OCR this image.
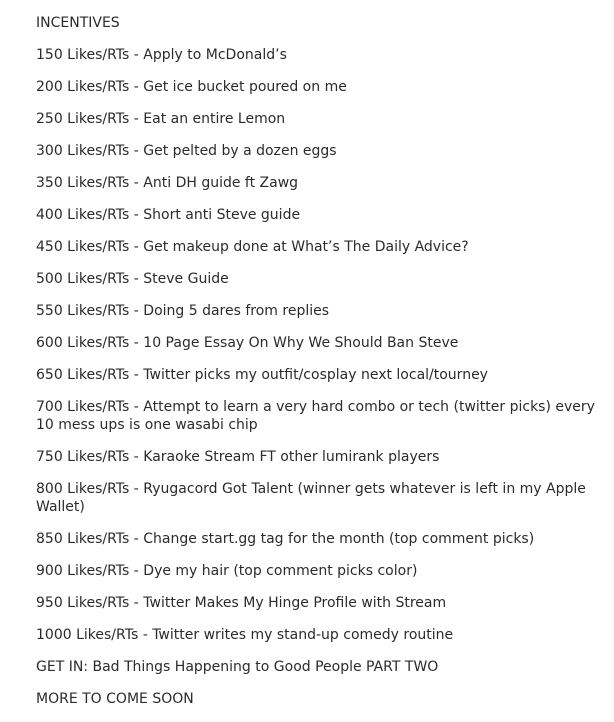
INCENTIVES

150 Likes/RTs - Apply to McDonald’s

200 Likes/RTs - Get ice bucket poured on me

250 Likes/RTs - Eat an entire Lemon

300 Likes/RTs - Get pelted by a dozen eggs

350 Likes/RTs - Anti DH guide ft Zawg

400 Likes/RTs - Short anti Steve guide

450 Likes/RTs - Get makeup done at What’s The Daily Advice?

500 Likes/RTs - Steve Guide

550 Likes/RTs - Doing 5 dares from replies

600 Likes/RTs - 10 Page Essay On Why We Should Ban Steve

650 Likes/RTs - Twitter picks my outfit/cosplay next local/tourney

700 Likes/RTs - Attempt to learn a very hard combo or tech (twitter picks) every 10 mess ups is one wasabi chip

750 Likes/RTs - Karaoke Stream FT other lumirank players

800 Likes/RTs - Ryugacord Got Talent (winner gets whatever is left in my Apple Wallet)

850 Likes/RTs - Change start.gg tag for the month (top comment picks)

900 Likes/RTs - Dye my hair (top comment picks color)

950 Likes/RTs - Twitter Makes My Hinge Profile with Stream

1000 Likes/RTs - Twitter writes my stand-up comedy routine

GET IN: Bad Things Happening to Good People PART TWO

MORE TO COME SOON
